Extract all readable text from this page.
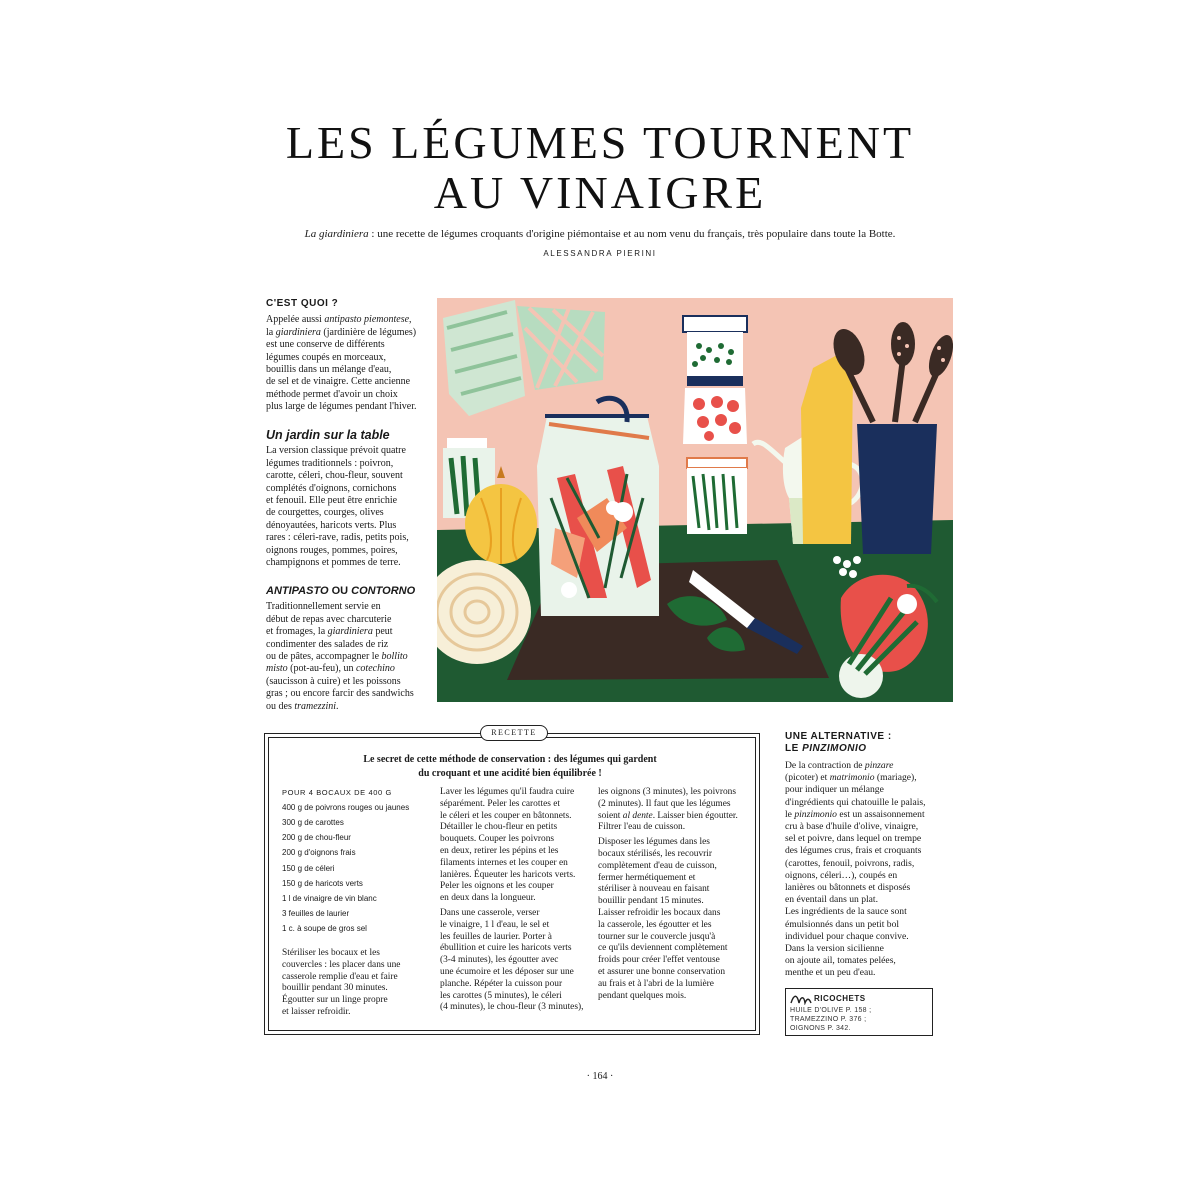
LES LÉGUMES TOURNENT
AU VINAIGRE
La giardiniera : une recette de légumes croquants d'origine piémontaise et au nom venu du français, très populaire dans toute la Botte.
ALESSANDRA PIERINI
C'EST QUOI ?

Appelée aussi antipasto piemontese,
la giardiniera (jardinière de légumes)
est une conserve de différents
légumes coupés en morceaux,
bouillis dans un mélange d'eau,
de sel et de vinaigre. Cette ancienne
méthode permet d'avoir un choix
plus large de légumes pendant l'hiver.

Un jardin sur la table

La version classique prévoit quatre
légumes traditionnels : poivron,
carotte, céleri, chou-fleur, souvent
complétés d'oignons, cornichons
et fenouil. Elle peut être enrichie
de courgettes, courges, olives
dénoyautées, haricots verts. Plus
rares : céleri-rave, radis, petits pois,
oignons rouges, pommes, poires,
champignons et pommes de terre.

ANTIPASTO OU CONTORNO

Traditionnellement servie en
début de repas avec charcuterie
et fromages, la giardiniera peut
condimenter des salades de riz
ou de pâtes, accompagner le bollito
misto (pot-au-feu), un cotechino
(saucisson à cuire) et les poissons
gras ; ou encore farcir des sandwichs
ou des tramezzini.

RECETTE
Le secret de cette méthode de conservation : des légumes qui gardent
du croquant et une acidité bien équilibrée !
POUR 4 BOCAUX DE 400 G
400 g de poivrons rouges ou jaunes
300 g de carottes
200 g de chou-fleur
200 g d'oignons frais
150 g de céleri
150 g de haricots verts
1 l de vinaigre de vin blanc
3 feuilles de laurier
1 c. à soupe de gros sel

Stériliser les bocaux et les
couvercles : les placer dans une
casserole remplie d'eau et faire
bouillir pendant 30 minutes.
Égoutter sur un linge propre
et laisser refroidir.

Laver les légumes qu'il faudra cuire
séparément. Peler les carottes et
le céleri et les couper en bâtonnets.
Détailler le chou-fleur en petits
bouquets. Couper les poivrons
en deux, retirer les pépins et les
filaments internes et les couper en
lanières. Équeuter les haricots verts.
Peler les oignons et les couper
en deux dans la longueur.

Dans une casserole, verser
le vinaigre, 1 l d'eau, le sel et
les feuilles de laurier. Porter à
ébullition et cuire les haricots verts
(3-4 minutes), les égoutter avec
une écumoire et les déposer sur une
planche. Répéter la cuisson pour
les carottes (5 minutes), le céleri
(4 minutes), le chou-fleur (3 minutes),

les oignons (3 minutes), les poivrons
(2 minutes). Il faut que les légumes
soient al dente. Laisser bien égoutter.
Filtrer l'eau de cuisson.

Disposer les légumes dans les
bocaux stérilisés, les recouvrir
complètement d'eau de cuisson,
fermer hermétiquement et
stériliser à nouveau en faisant
bouillir pendant 15 minutes.
Laisser refroidir les bocaux dans
la casserole, les égoutter et les
tourner sur le couvercle jusqu'à
ce qu'ils deviennent complètement
froids pour créer l'effet ventouse
et assurer une bonne conservation
au frais et à l'abri de la lumière
pendant quelques mois.

UNE ALTERNATIVE :
LE PINZIMONIO
De la contraction de pinzare
(picoter) et matrimonio (mariage),
pour indiquer un mélange
d'ingrédients qui chatouille le palais,
le pinzimonio est un assaisonnement
cru à base d'huile d'olive, vinaigre,
sel et poivre, dans lequel on trempe
des légumes crus, frais et croquants
(carottes, fenouil, poivrons, radis,
oignons, céleri…), coupés en
lanières ou bâtonnets et disposés
en éventail dans un plat.
Les ingrédients de la sauce sont
émulsionnés dans un petit bol
individuel pour chaque convive.
Dans la version sicilienne
on ajoute ail, tomates pelées,
menthe et un peu d'eau.
RICOCHETS
HUILE D'OLIVE P. 158 ;
TRAMEZZINO P. 376 ;
OIGNONS P. 342.
· 164 ·
